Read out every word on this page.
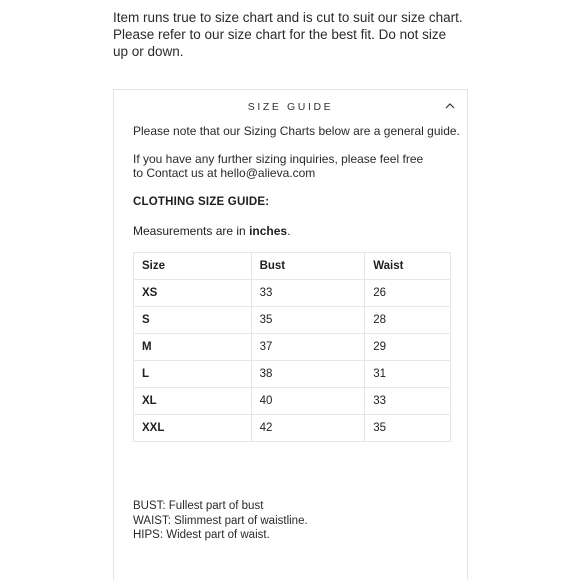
Item runs true to size chart and is cut to suit our size chart. Please refer to our size chart for the best fit. Do not size up or down.

SIZE GUIDE

Please note that our Sizing Charts below are a general guide.

If you have any further sizing inquiries, please feel free

to Contact us at hello@alieva.com

CLOTHING SIZE GUIDE:

Measurements are in inches.

Size	Bust	Waist
XS	33	26
S	35	28
M	37	29
L	38	31
XL	40	33
XXL	42	35

BUST: Fullest part of bust

WAIST: Slimmest part of waistline.

HIPS: Widest part of waist.
